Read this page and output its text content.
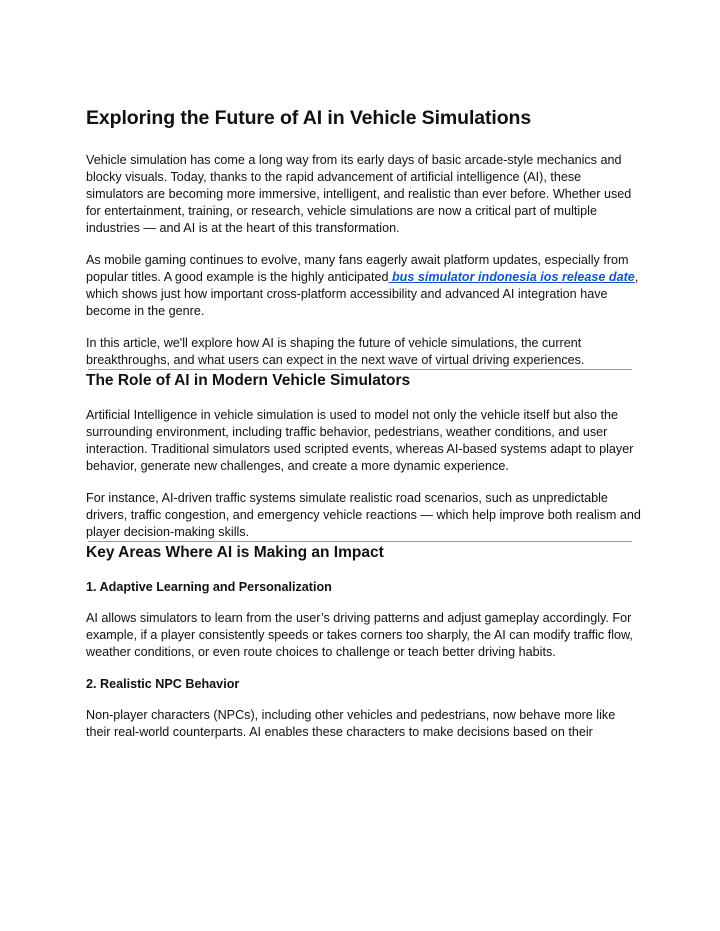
Exploring the Future of AI in Vehicle Simulations

Vehicle simulation has come a long way from its early days of basic arcade-style mechanics and blocky visuals. Today, thanks to the rapid advancement of artificial intelligence (AI), these simulators are becoming more immersive, intelligent, and realistic than ever before. Whether used for entertainment, training, or research, vehicle simulations are now a critical part of multiple industries — and AI is at the heart of this transformation.

As mobile gaming continues to evolve, many fans eagerly await platform updates, especially from popular titles. A good example is the highly anticipated bus simulator indonesia ios release date, which shows just how important cross-platform accessibility and advanced AI integration have become in the genre.

In this article, we'll explore how AI is shaping the future of vehicle simulations, the current breakthroughs, and what users can expect in the next wave of virtual driving experiences.

The Role of AI in Modern Vehicle Simulators

Artificial Intelligence in vehicle simulation is used to model not only the vehicle itself but also the surrounding environment, including traffic behavior, pedestrians, weather conditions, and user interaction. Traditional simulators used scripted events, whereas AI-based systems adapt to player behavior, generate new challenges, and create a more dynamic experience.

For instance, AI-driven traffic systems simulate realistic road scenarios, such as unpredictable drivers, traffic congestion, and emergency vehicle reactions — which help improve both realism and player decision-making skills.

Key Areas Where AI is Making an Impact
1. Adaptive Learning and Personalization

AI allows simulators to learn from the user’s driving patterns and adjust gameplay accordingly. For example, if a player consistently speeds or takes corners too sharply, the AI can modify traffic flow, weather conditions, or even route choices to challenge or teach better driving habits.

2. Realistic NPC Behavior

Non-player characters (NPCs), including other vehicles and pedestrians, now behave more like their real-world counterparts. AI enables these characters to make decisions based on their
